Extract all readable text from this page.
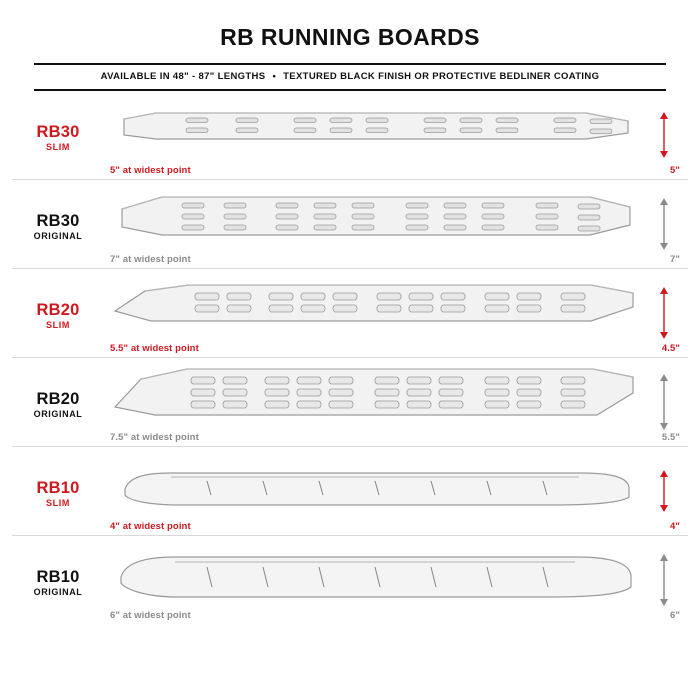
RB RUNNING BOARDS
AVAILABLE IN 48" - 87" LENGTHS • TEXTURED BLACK FINISH OR PROTECTIVE BEDLINER COATING
RB30
SLIM
5" at widest point	5"
RB30
ORIGINAL
7" at widest point	7"
RB20
SLIM
5.5" at widest point	4.5"
RB20
ORIGINAL
7.5" at widest point	5.5"
RB10
SLIM
4" at widest point	4"
RB10
ORIGINAL
6" at widest point	6"
